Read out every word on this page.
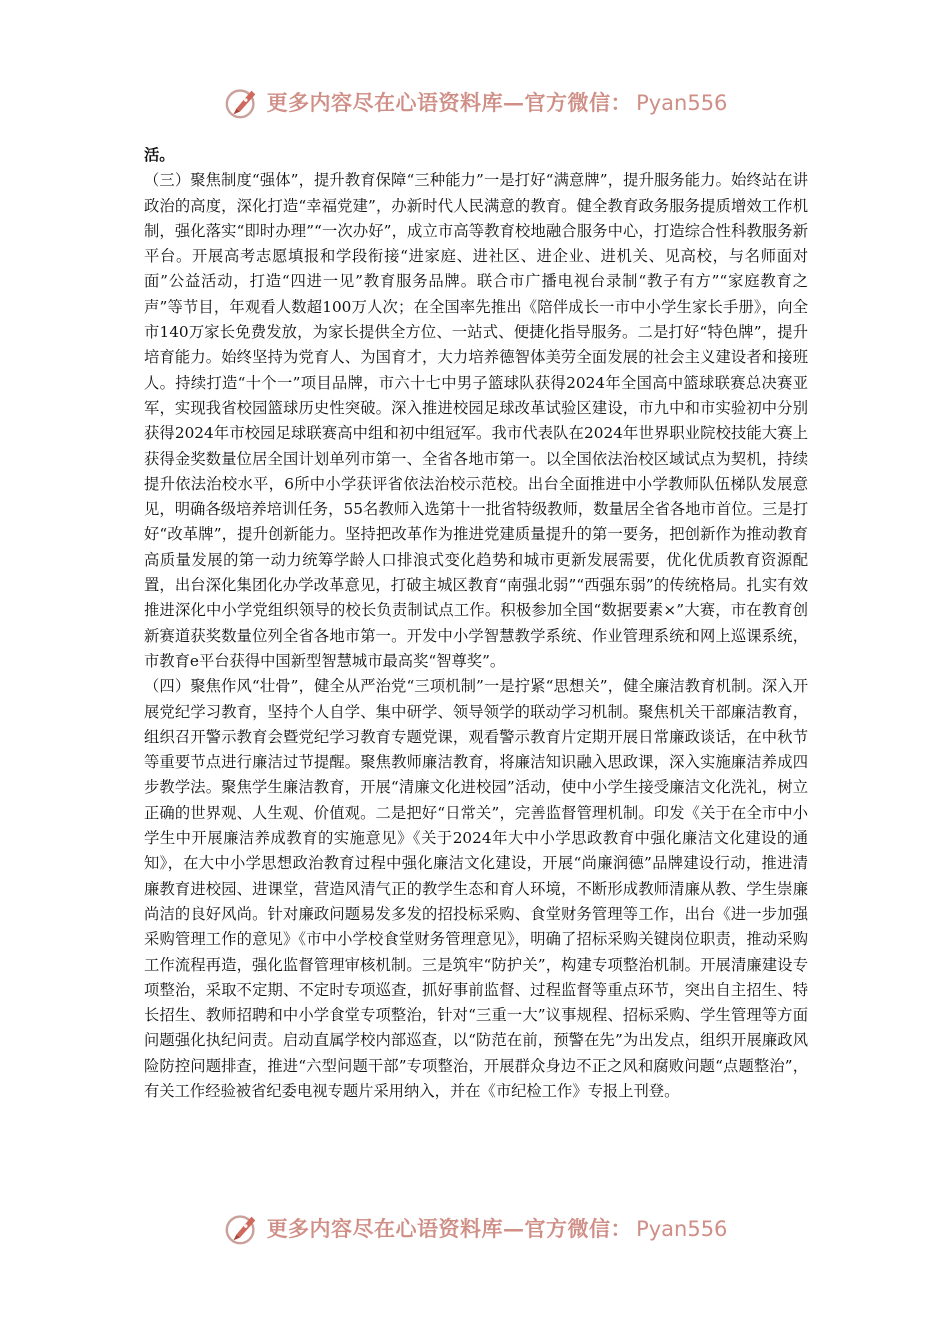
更多内容尽在心语资料库—官方微信： Pyan556

活。

（三）聚焦制度“强体”，提升教育保障“三种能力”一是打好“满意牌”，提升服务能力。始终站在讲政治的高度，深化打造“幸福党建”，办新时代人民满意的教育。健全教育政务服务提质增效工作机制，强化落实“即时办理”“一次办好”，成立市高等教育校地融合服务中心，打造综合性科教服务新平台。开展高考志愿填报和学段衔接“进家庭、进社区、进企业、进机关、见高校，与名师面对面”公益活动，打造“四进一见”教育服务品牌。联合市广播电视台录制“教子有方”“家庭教育之声”等节目，年观看人数超100万人次；在全国率先推出《陪伴成长一市中小学生家长手册》，向全市140万家长免费发放，为家长提供全方位、一站式、便捷化指导服务。二是打好“特色牌”，提升培育能力。始终坚持为党育人、为国育才，大力培养德智体美劳全面发展的社会主义建设者和接班人。持续打造“十个一”项目品牌，市六十七中男子篮球队获得2024年全国高中篮球联赛总决赛亚军，实现我省校园篮球历史性突破。深入推进校园足球改革试验区建设，市九中和市实验初中分别获得2024年市校园足球联赛高中组和初中组冠军。我市代表队在2024年世界职业院校技能大赛上获得金奖数量位居全国计划单列市第一、全省各地市第一。以全国依法治校区域试点为契机，持续提升依法治校水平，6所中小学获评省依法治校示范校。出台全面推进中小学教师队伍梯队发展意见，明确各级培养培训任务，55名教师入选第十一批省特级教师，数量居全省各地市首位。三是打好“改革牌”，提升创新能力。坚持把改革作为推进党建质量提升的第一要务，把创新作为推动教育高质量发展的第一动力统筹学龄人口排浪式变化趋势和城市更新发展需要，优化优质教育资源配置，出台深化集团化办学改革意见，打破主城区教育“南强北弱”“西强东弱”的传统格局。扎实有效推进深化中小学党组织领导的校长负责制试点工作。积极参加全国“数据要素×”大赛，市在教育创新赛道获奖数量位列全省各地市第一。开发中小学智慧教学系统、作业管理系统和网上巡课系统，市教育e平台获得中国新型智慧城市最高奖“智尊奖”。

（四）聚焦作风“壮骨”，健全从严治党“三项机制”一是拧紧“思想关”，健全廉洁教育机制。深入开展党纪学习教育，坚持个人自学、集中研学、领导领学的联动学习机制。聚焦机关干部廉洁教育，组织召开警示教育会暨党纪学习教育专题党课，观看警示教育片定期开展日常廉政谈话，在中秋节等重要节点进行廉洁过节提醒。聚焦教师廉洁教育，将廉洁知识融入思政课，深入实施廉洁养成四步教学法。聚焦学生廉洁教育，开展“清廉文化进校园”活动，使中小学生接受廉洁文化洗礼，树立正确的世界观、人生观、价值观。二是把好“日常关”，完善监督管理机制。印发《关于在全市中小学生中开展廉洁养成教育的实施意见》《关于2024年大中小学思政教育中强化廉洁文化建设的通知》，在大中小学思想政治教育过程中强化廉洁文化建设，开展“尚廉润德”品牌建设行动，推进清廉教育进校园、进课堂，营造风清气正的教学生态和育人环境，不断形成教师清廉从教、学生崇廉尚洁的良好风尚。针对廉政问题易发多发的招投标采购、食堂财务管理等工作，出台《进一步加强采购管理工作的意见》《市中小学校食堂财务管理意见》，明确了招标采购关键岗位职责，推动采购工作流程再造，强化监督管理审核机制。三是筑牢“防护关”，构建专项整治机制。开展清廉建设专项整治，采取不定期、不定时专项巡查，抓好事前监督、过程监督等重点环节，突出自主招生、特长招生、教师招聘和中小学食堂专项整治，针对“三重一大”议事规程、招标采购、学生管理等方面问题强化执纪问责。启动直属学校内部巡查，以“防范在前，预警在先”为出发点，组织开展廉政风险防控问题排查，推进“六型问题干部”专项整治，开展群众身边不正之风和腐败问题“点题整治”，有关工作经验被省纪委电视专题片采用纳入，并在《市纪检工作》专报上刊登。

更多内容尽在心语资料库—官方微信： Pyan556
